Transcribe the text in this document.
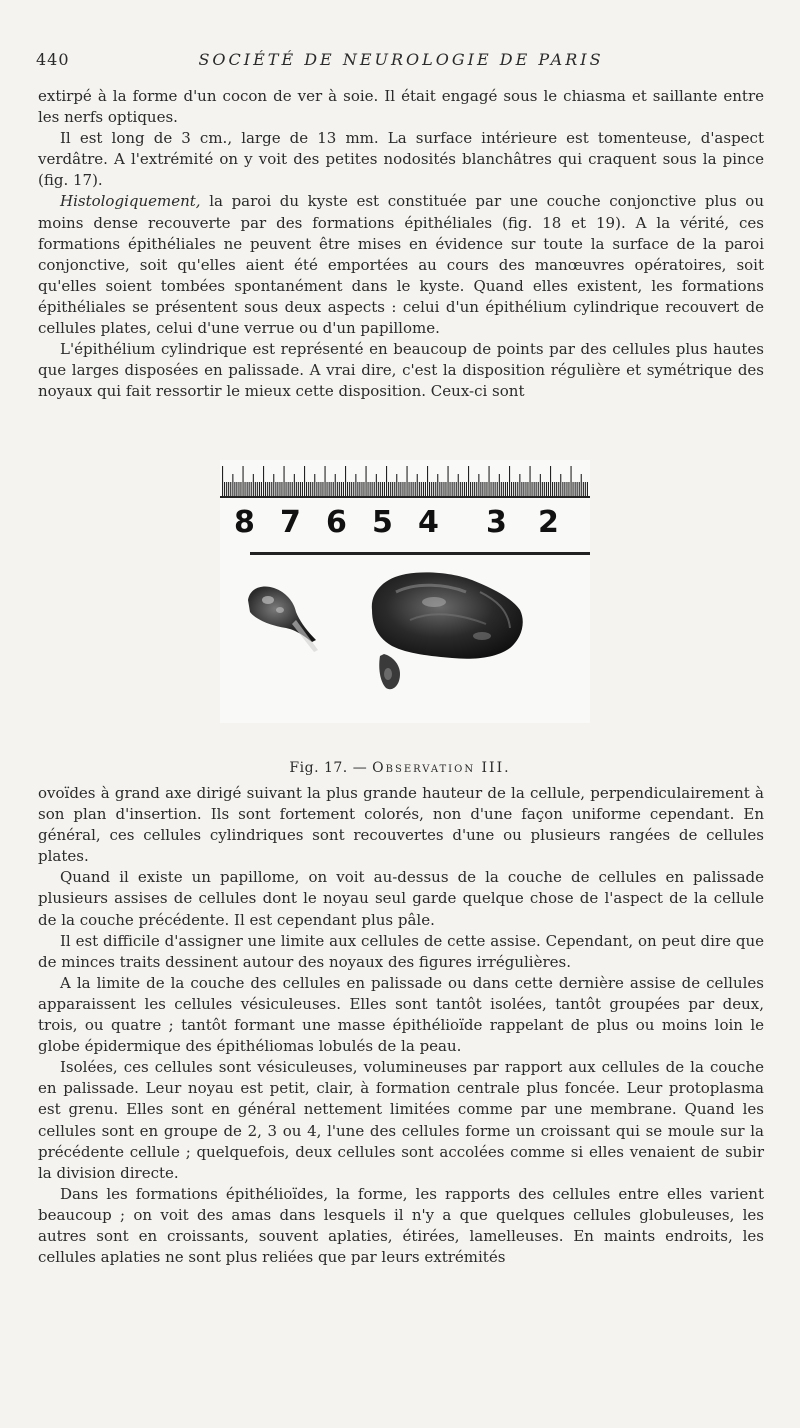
440	SOCIÉTÉ DE NEUROLOGIE DE PARIS

extirpé à la forme d'un cocon de ver à soie. Il était engagé sous le chiasma et saillante entre les nerfs optiques.

Il est long de 3 cm., large de 13 mm. La surface intérieure est tomenteuse, d'aspect verdâtre. A l'extrémité on y voit des petites nodosités blanchâtres qui craquent sous la pince (fig. 17).

Histologiquement, la paroi du kyste est constituée par une couche conjonctive plus ou moins dense recouverte par des formations épithéliales (fig. 18 et 19). A la vérité, ces formations épithéliales ne peuvent être mises en évidence sur toute la surface de la paroi conjonctive, soit qu'elles aient été emportées au cours des manœuvres opératoires, soit qu'elles soient tombées spontanément dans le kyste. Quand elles existent, les formations épithéliales se présentent sous deux aspects : celui d'un épithélium cylindrique recouvert de cellules plates, celui d'une verrue ou d'un papillome.

L'épithélium cylindrique est représenté en beaucoup de points par des cellules plus hautes que larges disposées en palissade. A vrai dire, c'est la disposition régulière et symétrique des noyaux qui fait ressortir le mieux cette disposition. Ceux-ci sont

8 7 6 5 4 3 2
Fig. 17. — Observation III.

ovoïdes à grand axe dirigé suivant la plus grande hauteur de la cellule, perpendiculairement à son plan d'insertion. Ils sont fortement colorés, non d'une façon uniforme cependant. En général, ces cellules cylindriques sont recouvertes d'une ou plusieurs rangées de cellules plates.

Quand il existe un papillome, on voit au-dessus de la couche de cellules en palissade plusieurs assises de cellules dont le noyau seul garde quelque chose de l'aspect de la cellule de la couche précédente. Il est cependant plus pâle.

Il est difficile d'assigner une limite aux cellules de cette assise. Cependant, on peut dire que de minces traits dessinent autour des noyaux des figures irrégulières.

A la limite de la couche des cellules en palissade ou dans cette dernière assise de cellules apparaissent les cellules vésiculeuses. Elles sont tantôt isolées, tantôt groupées par deux, trois, ou quatre ; tantôt formant une masse épithélioïde rappelant de plus ou moins loin le globe épidermique des épithéliomas lobulés de la peau.

Isolées, ces cellules sont vésiculeuses, volumineuses par rapport aux cellules de la couche en palissade. Leur noyau est petit, clair, à formation centrale plus foncée. Leur protoplasma est grenu. Elles sont en général nettement limitées comme par une membrane. Quand les cellules sont en groupe de 2, 3 ou 4, l'une des cellules forme un croissant qui se moule sur la précédente cellule ; quelquefois, deux cellules sont accolées comme si elles venaient de subir la division directe.

Dans les formations épithélioïdes, la forme, les rapports des cellules entre elles varient beaucoup ; on voit des amas dans lesquels il n'y a que quelques cellules globuleuses, les autres sont en croissants, souvent aplaties, étirées, lamelleuses. En maints endroits, les cellules aplaties ne sont plus reliées que par leurs extrémités
